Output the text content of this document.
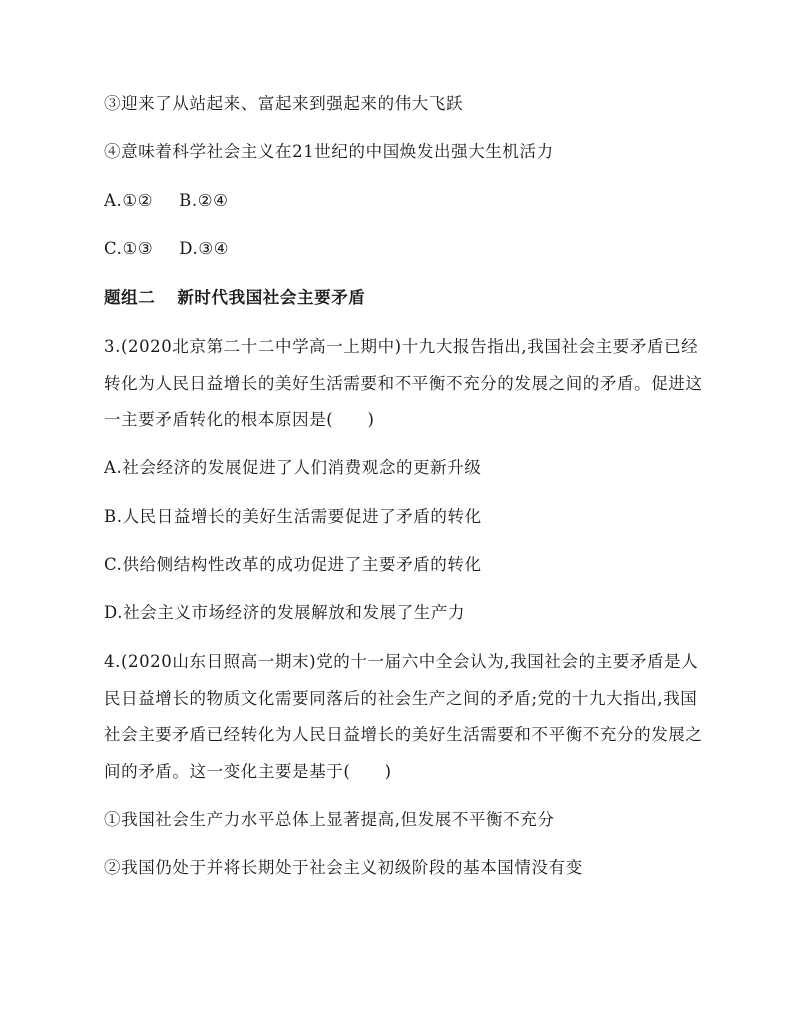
③迎来了从站起来、富起来到强起来的伟大飞跃
④意味着科学社会主义在21世纪的中国焕发出强大生机活力
A.①② B.②④
C.①③ D.③④
题组二 新时代我国社会主要矛盾
3.(2020北京第二十二中学高一上期中)十九大报告指出,我国社会主要矛盾已经
转化为人民日益增长的美好生活需要和不平衡不充分的发展之间的矛盾。促进这
一主要矛盾转化的根本原因是(　　)
A.社会经济的发展促进了人们消费观念的更新升级
B.人民日益增长的美好生活需要促进了矛盾的转化
C.供给侧结构性改革的成功促进了主要矛盾的转化
D.社会主义市场经济的发展解放和发展了生产力
4.(2020山东日照高一期末)党的十一届六中全会认为,我国社会的主要矛盾是人
民日益增长的物质文化需要同落后的社会生产之间的矛盾;党的十九大指出,我国
社会主要矛盾已经转化为人民日益增长的美好生活需要和不平衡不充分的发展之
间的矛盾。这一变化主要是基于(　　)
①我国社会生产力水平总体上显著提高,但发展不平衡不充分
②我国仍处于并将长期处于社会主义初级阶段的基本国情没有变
